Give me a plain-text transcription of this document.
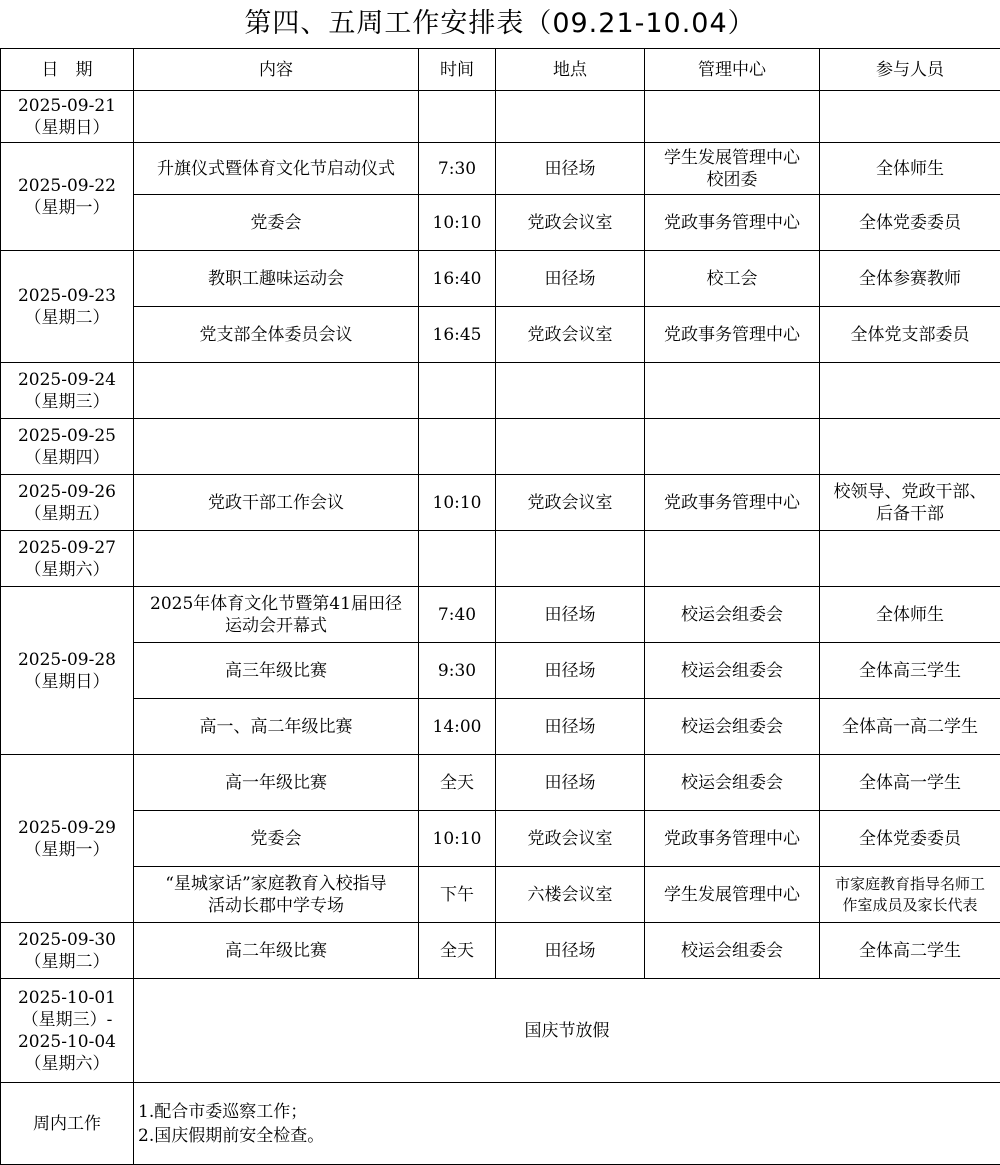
第四、五周工作安排表（09.21-10.04）
日　期	内容	时间	地点	管理中心	参与人员
2025-09-21
（星期日）					
2025-09-22
（星期一）	升旗仪式暨体育文化节启动仪式	7:30	田径场	学生发展管理中心
校团委	全体师生
	党委会	10:10	党政会议室	党政事务管理中心	全体党委委员
2025-09-23
（星期二）	教职工趣味运动会	16:40	田径场	校工会	全体参赛教师
	党支部全体委员会议	16:45	党政会议室	党政事务管理中心	全体党支部委员
2025-09-24
（星期三）					
2025-09-25
（星期四）					
2025-09-26
（星期五）	党政干部工作会议	10:10	党政会议室	党政事务管理中心	校领导、党政干部、
后备干部
2025-09-27
（星期六）					
2025-09-28
（星期日）	2025年体育文化节暨第41届田径
运动会开幕式	7:40	田径场	校运会组委会	全体师生
	高三年级比赛	9:30	田径场	校运会组委会	全体高三学生
	高一、高二年级比赛	14:00	田径场	校运会组委会	全体高一高二学生
2025-09-29
（星期一）	高一年级比赛	全天	田径场	校运会组委会	全体高一学生
	党委会	10:10	党政会议室	党政事务管理中心	全体党委委员
	“星城家话”家庭教育入校指导
活动长郡中学专场	下午	六楼会议室	学生发展管理中心	市家庭教育指导名师工
作室成员及家长代表
2025-09-30
（星期二）	高二年级比赛	全天	田径场	校运会组委会	全体高二学生
2025-10-01
（星期三）-
2025-10-04
（星期六）	国庆节放假				
周内工作	1.配合市委巡察工作；
2.国庆假期前安全检查。				
